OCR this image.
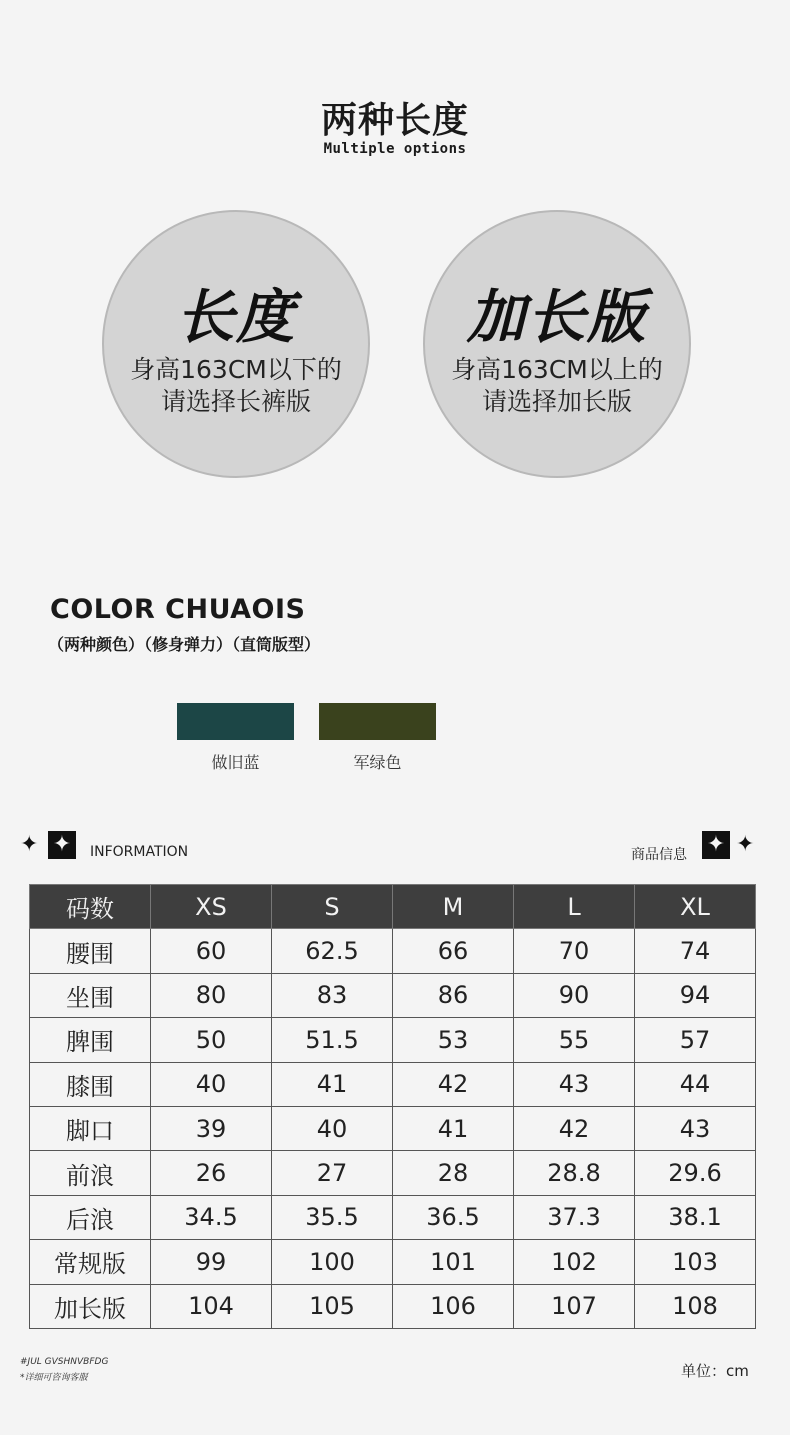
两种长度
Multiple options
长度
身高163CM以下的
请选择长裤版
加长版
身高163CM以上的
请选择加长版
COLOR CHUAOIS
（两种颜色）（修身弹力）（直筒版型）
做旧蓝	军绿色
✦ ✦	INFORMATION	商品信息 ✦ ✦
码数	XS	S	M	L	XL
腰围	60	62.5	66	70	74
坐围	80	83	86	90	94
脾围	50	51.5	53	55	57
膝围	40	41	42	43	44
脚口	39	40	41	42	43
前浪	26	27	28	28.8	29.6
后浪	34.5	35.5	36.5	37.3	38.1
常规版	99	100	101	102	103
加长版	104	105	106	107	108
#JUL GVSHNVBFDG
*详细可咨询客服	单位：cm
